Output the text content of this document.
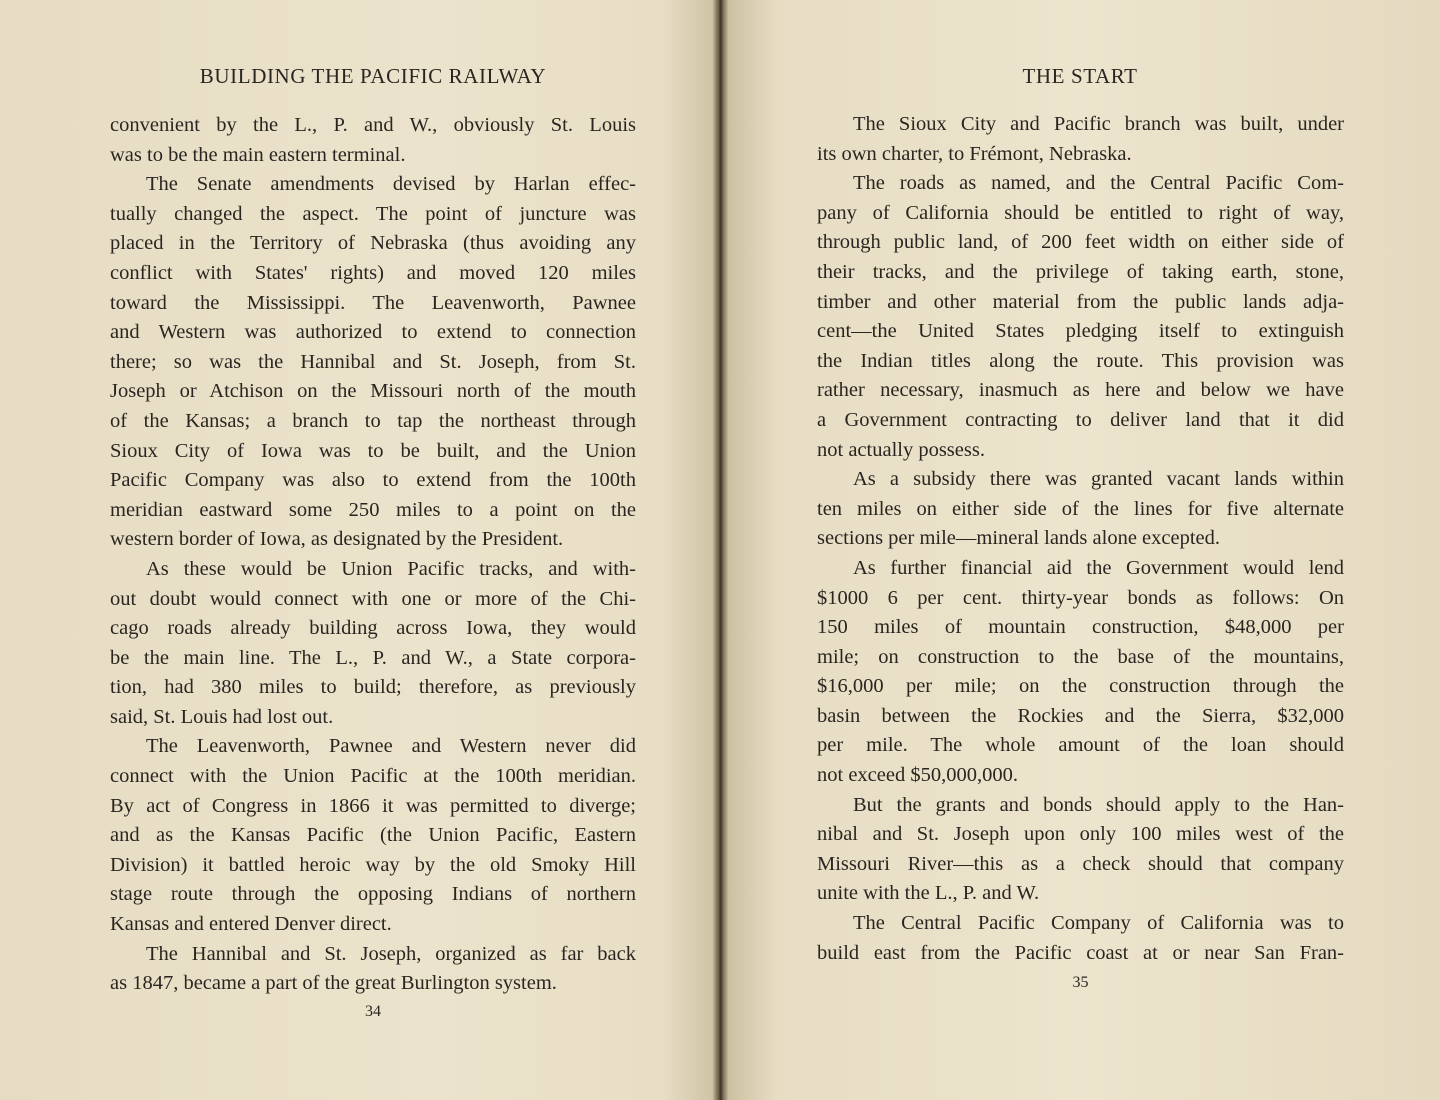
BUILDING THE PACIFIC RAILWAY
convenient by the L., P. and W., obviously St. Louis
was to be the main eastern terminal.
The Senate amendments devised by Harlan effec-
tually changed the aspect. The point of juncture was
placed in the Territory of Nebraska (thus avoiding any
conflict with States' rights) and moved 120 miles
toward the Mississippi. The Leavenworth, Pawnee
and Western was authorized to extend to connection
there; so was the Hannibal and St. Joseph, from St.
Joseph or Atchison on the Missouri north of the mouth
of the Kansas; a branch to tap the northeast through
Sioux City of Iowa was to be built, and the Union
Pacific Company was also to extend from the 100th
meridian eastward some 250 miles to a point on the
western border of Iowa, as designated by the President.
As these would be Union Pacific tracks, and with-
out doubt would connect with one or more of the Chi-
cago roads already building across Iowa, they would
be the main line. The L., P. and W., a State corpora-
tion, had 380 miles to build; therefore, as previously
said, St. Louis had lost out.
The Leavenworth, Pawnee and Western never did
connect with the Union Pacific at the 100th meridian.
By act of Congress in 1866 it was permitted to diverge;
and as the Kansas Pacific (the Union Pacific, Eastern
Division) it battled heroic way by the old Smoky Hill
stage route through the opposing Indians of northern
Kansas and entered Denver direct.
The Hannibal and St. Joseph, organized as far back
as 1847, became a part of the great Burlington system.
34
THE START
The Sioux City and Pacific branch was built, under
its own charter, to Frémont, Nebraska.
The roads as named, and the Central Pacific Com-
pany of California should be entitled to right of way,
through public land, of 200 feet width on either side of
their tracks, and the privilege of taking earth, stone,
timber and other material from the public lands adja-
cent—the United States pledging itself to extinguish
the Indian titles along the route. This provision was
rather necessary, inasmuch as here and below we have
a Government contracting to deliver land that it did
not actually possess.
As a subsidy there was granted vacant lands within
ten miles on either side of the lines for five alternate
sections per mile—mineral lands alone excepted.
As further financial aid the Government would lend
$1000 6 per cent. thirty-year bonds as follows: On
150 miles of mountain construction, $48,000 per
mile; on construction to the base of the mountains,
$16,000 per mile; on the construction through the
basin between the Rockies and the Sierra, $32,000
per mile. The whole amount of the loan should
not exceed $50,000,000.
But the grants and bonds should apply to the Han-
nibal and St. Joseph upon only 100 miles west of the
Missouri River—this as a check should that company
unite with the L., P. and W.
The Central Pacific Company of California was to
build east from the Pacific coast at or near San Fran-
35
